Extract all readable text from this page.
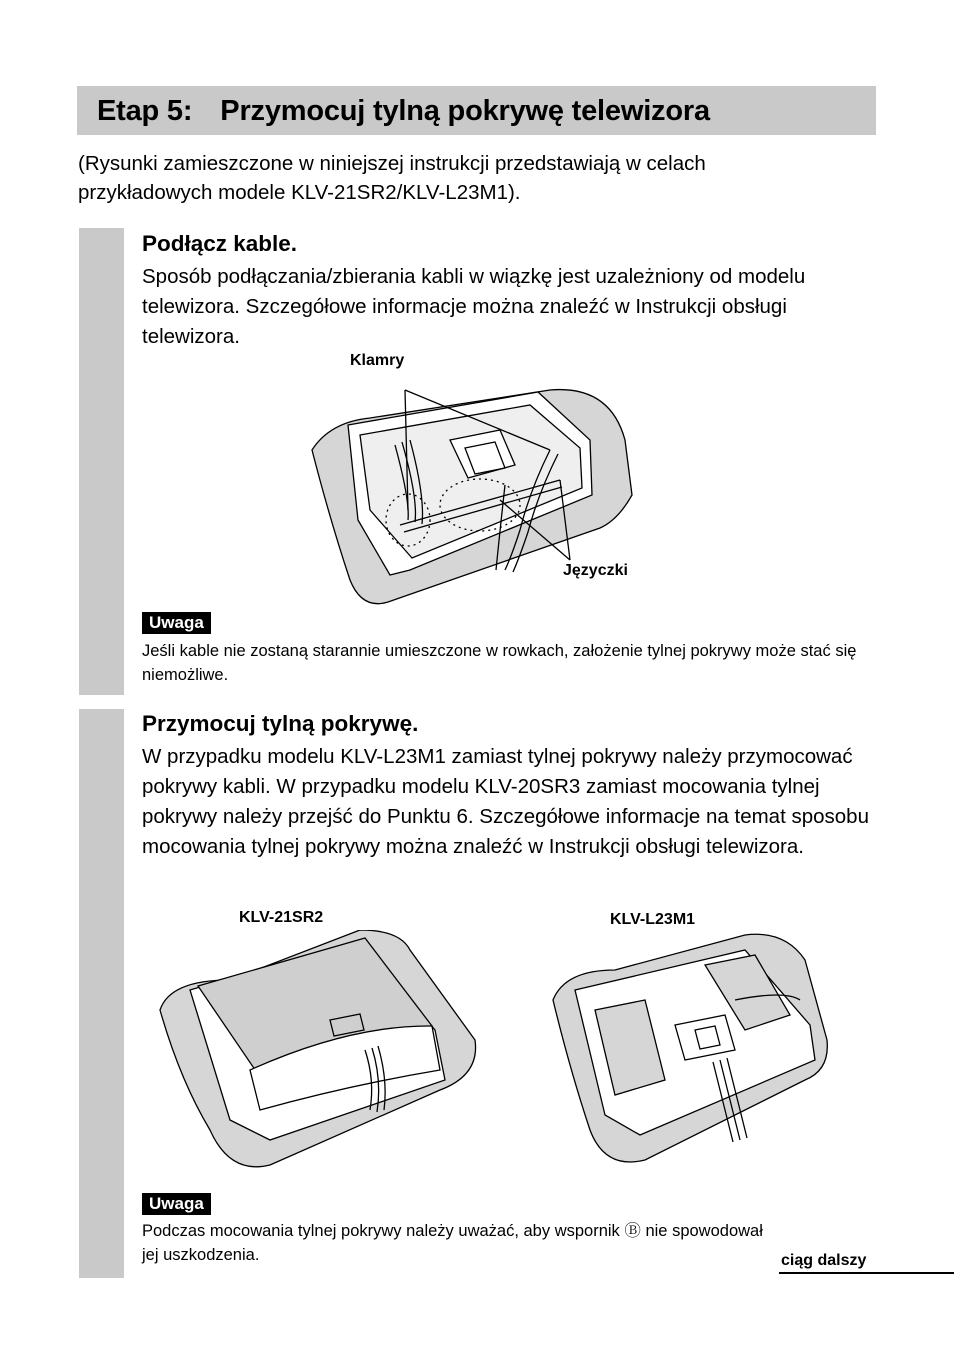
Etap 5: Przymocuj tylną pokrywę telewizora

(Rysunki zamieszczone w niniejszej instrukcji przedstawiają w celach przykładowych modele KLV-21SR2/KLV-L23M1).

Podłącz kable.

Sposób podłączania/zbierania kabli w wiązkę jest uzależniony od modelu telewizora. Szczegółowe informacje można znaleźć w Instrukcji obsługi telewizora.

Klamry
Języczki
Uwaga

Jeśli kable nie zostaną starannie umieszczone w rowkach, założenie tylnej pokrywy może stać się niemożliwe.

Przymocuj tylną pokrywę.

W przypadku modelu KLV-L23M1 zamiast tylnej pokrywy należy przymocować pokrywy kabli. W przypadku modelu KLV-20SR3 zamiast mocowania tylnej pokrywy należy przejść do Punktu 6. Szczegółowe informacje na temat sposobu mocowania tylnej pokrywy można znaleźć w Instrukcji obsługi telewizora.

KLV-21SR2	KLV-L23M1
Uwaga

Podczas mocowania tylnej pokrywy należy uważać, aby wspornik Ⓑ nie spowodował jej uszkodzenia.	ciąg dalszy
